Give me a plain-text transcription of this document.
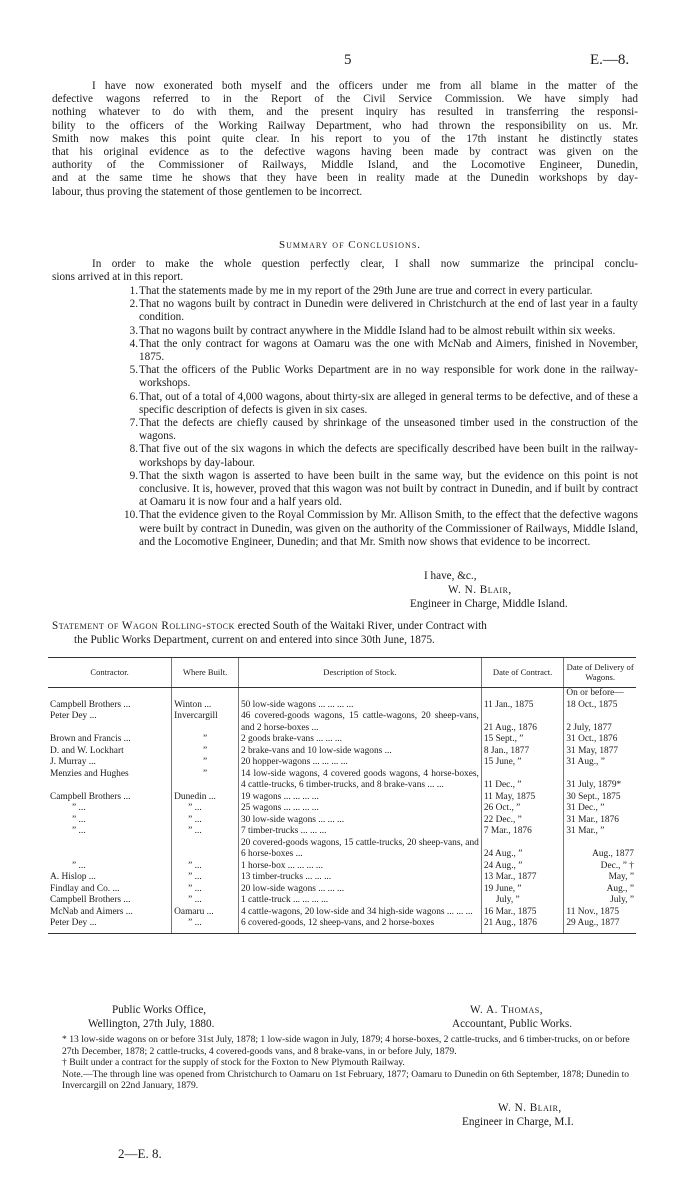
5	E.—8.
I have now exonerated both myself and the officers under me from all blame in the matter of the
defective wagons referred to in the Report of the Civil Service Commission. We have simply had
nothing whatever to do with them, and the present inquiry has resulted in transferring the responsi-
bility to the officers of the Working Railway Department, who had thrown the responsibility on us. Mr.
Smith now makes this point quite clear. In his report to you of the 17th instant he distinctly states
that his original evidence as to the defective wagons having been made by contract was given on the
authority of the Commissioner of Railways, Middle Island, and the Locomotive Engineer, Dunedin,
and at the same time he shows that they have been in reality made at the Dunedin workshops by day-
labour, thus proving the statement of those gentlemen to be incorrect.
Summary of Conclusions.
In order to make the whole question perfectly clear, I shall now summarize the principal conclu-
sions arrived at in this report.
1. That the statements made by me in my report of the 29th June are true and correct in every particular.
2. That no wagons built by contract in Dunedin were delivered in Christchurch at the end of last year in a faulty condition.
3. That no wagons built by contract anywhere in the Middle Island had to be almost rebuilt within six weeks.
4. That the only contract for wagons at Oamaru was the one with McNab and Aimers, finished in November, 1875.
5. That the officers of the Public Works Department are in no way responsible for work done in the railway-workshops.
6. That, out of a total of 4,000 wagons, about thirty-six are alleged in general terms to be defective, and of these a specific description of defects is given in six cases.
7. That the defects are chiefly caused by shrinkage of the unseasoned timber used in the construction of the wagons.
8. That five out of the six wagons in which the defects are specifically described have been built in the railway-workshops by day-labour.
9. That the sixth wagon is asserted to have been built in the same way, but the evidence on this point is not conclusive. It is, however, proved that this wagon was not built by contract in Dunedin, and if built by contract at Oamaru it is now four and a half years old.
10. That the evidence given to the Royal Commission by Mr. Allison Smith, to the effect that the defective wagons were built by contract in Dunedin, was given on the authority of the Commissioner of Railways, Middle Island, and the Locomotive Engineer, Dunedin; and that Mr. Smith now shows that evidence to be incorrect.
I have, &c.,
W. N. Blair,
Engineer in Charge, Middle Island.
Statement of Wagon Rolling-stock erected South of the Waitaki River, under Contract with
the Public Works Department, current on and entered into since 30th June, 1875.
Contractor.	Where Built.	Description of Stock.	Date of Contract.	Date of Delivery of Wagons.
				On or before—
Campbell Brothers ...	Winton ...	50 low-side wagons ... ... ... ...	11 Jan., 1875	18 Oct., 1875
Peter Dey ...	Invercargill	46 covered-goods wagons, 15 cattle-wagons, 20 sheep-vans, and 2 horse-boxes ...	21 Aug., 1876	2 July, 1877
Brown and Francis ...	”	2 goods brake-vans ... ... ...	15 Sept., ”	31 Oct., 1876
D. and W. Lockhart	”	2 brake-vans and 10 low-side wagons ...	8 Jan., 1877	31 May, 1877
J. Murray ...	”	20 hopper-wagons ... ... ... ...	15 June, ”	31 Aug., ”
Menzies and Hughes	”	14 low-side wagons, 4 covered goods wagons, 4 horse-boxes, 4 cattle-trucks, 6 timber-trucks, and 8 brake-vans ... ...	11 Dec., ”	31 July, 1879*
Campbell Brothers ...	Dunedin ...	19 wagons ... ... ... ...	11 May, 1875	30 Sept., 1875
” ...	” ...	25 wagons ... ... ... ...	26 Oct., ”	31 Dec., ”
” ...	” ...	30 low-side wagons ... ... ...	22 Dec., ”	31 Mar., 1876
” ...	” ...	7 timber-trucks ... ... ...	7 Mar., 1876	31 Mar., ”
		20 covered-goods wagons, 15 cattle-trucks, 20 sheep-vans, and 6 horse-boxes ...	24 Aug., ”	Aug., 1877
” ...	” ...	1 horse-box ... ... ... ...	24 Aug., ”	Dec., ” †
A. Hislop ...	” ...	13 timber-trucks ... ... ...	13 Mar., 1877	May, ”
Findlay and Co. ...	” ...	20 low-side wagons ... ... ...	19 June, ”	Aug., ”
Campbell Brothers ...	” ...	1 cattle-truck ... ... ... ...	July, ”	July, ”
McNab and Aimers ...	Oamaru ...	4 cattle-wagons, 20 low-side and 34 high-side wagons ... ... ...	16 Mar., 1875	11 Nov., 1875
Peter Dey ...	” ...	6 covered-goods, 12 sheep-vans, and 2 horse-boxes	21 Aug., 1876	29 Aug., 1877
Public Works Office,
Wellington, 27th July, 1880.
W. A. Thomas,
Accountant, Public Works.

* 13 low-side wagons on or before 31st July, 1878; 1 low-side wagon in July, 1879; 4 horse-boxes, 2 cattle-trucks, and 6 timber-trucks, on or before 27th December, 1878; 2 cattle-trucks, 4 covered-goods vans, and 8 brake-vans, in or before July, 1879.

† Built under a contract for the supply of stock for the Foxton to New Plymouth Railway.

Note.—The through line was opened from Christchurch to Oamaru on 1st February, 1877; Oamaru to Dunedin on 6th September, 1878; Dunedin to Invercargill on 22nd January, 1879.

W. N. Blair,
Engineer in Charge, M.I.
2—E. 8.
